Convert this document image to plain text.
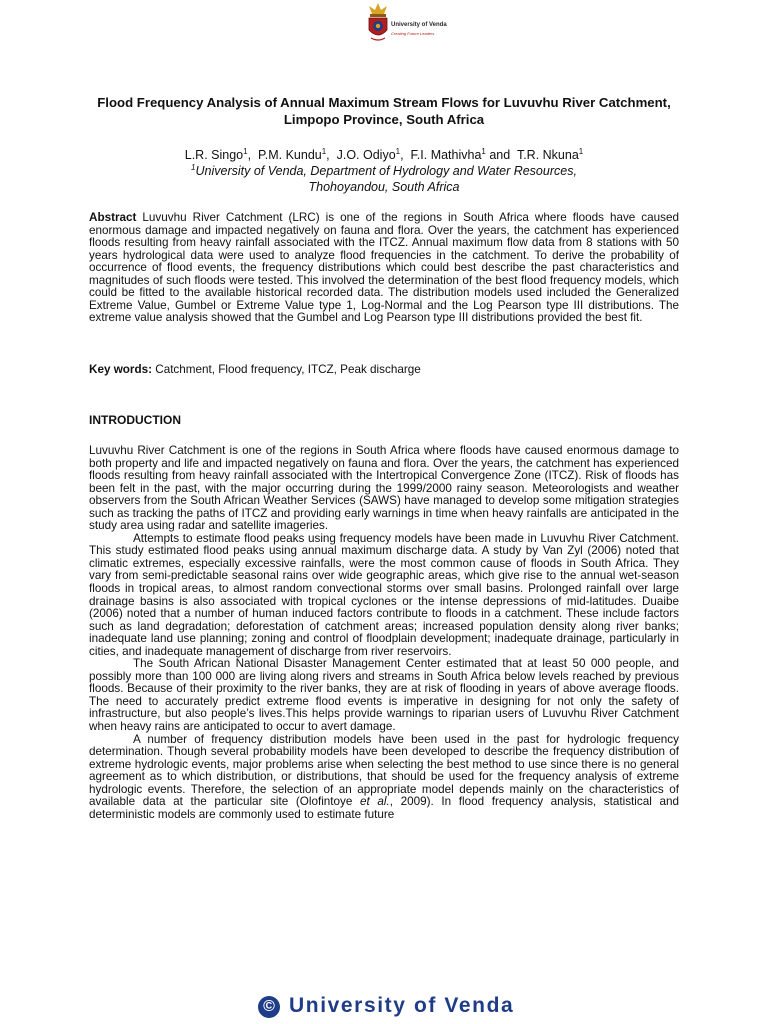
University of Venda
Creating Future Leaders
Flood Frequency Analysis of Annual Maximum Stream Flows for Luvuvhu River Catchment, Limpopo Province, South Africa
L.R. Singo$^1$,  P.M. Kundu$^1$,  J.O. Odiyo$^1$,  F.I. Mathivha$^1$ and  T.R. Nkuna$^1$
$^1$University of Venda, Department of Hydrology and Water Resources,
Thohoyandou, South Africa
Abstract Luvuvhu River Catchment (LRC) is one of the regions in South Africa where floods have caused enormous damage and impacted negatively on fauna and flora. Over the years, the catchment has experienced floods resulting from heavy rainfall associated with the ITCZ. Annual maximum flow data from 8 stations with 50 years hydrological data were used to analyze flood frequencies in the catchment. To derive the probability of occurrence of flood events, the frequency distributions which could best describe the past characteristics and magnitudes of such floods were tested. This involved the determination of the best flood frequency models, which could be fitted to the available historical recorded data. The distribution models used included the Generalized Extreme Value, Gumbel or Extreme Value type 1, Log-Normal and the Log Pearson type III distributions. The extreme value analysis showed that the Gumbel and Log Pearson type III distributions provided the best fit.
Key words: Catchment, Flood frequency, ITCZ, Peak discharge
INTRODUCTION

Luvuvhu River Catchment is one of the regions in South Africa where floods have caused enormous damage to both property and life and impacted negatively on fauna and flora. Over the years, the catchment has experienced floods resulting from heavy rainfall associated with the Intertropical Convergence Zone (ITCZ). Risk of floods has been felt in the past, with the major occurring during the 1999/2000 rainy season. Meteorologists and weather observers from the South African Weather Services (SAWS) have managed to develop some mitigation strategies such as tracking the paths of ITCZ and providing early warnings in time when heavy rainfalls are anticipated in the study area using radar and satellite imageries.

Attempts to estimate flood peaks using frequency models have been made in Luvuvhu River Catchment. This study estimated flood peaks using annual maximum discharge data. A study by Van Zyl (2006) noted that climatic extremes, especially excessive rainfalls, were the most common cause of floods in South Africa. They vary from semi-predictable seasonal rains over wide geographic areas, which give rise to the annual wet-season floods in tropical areas, to almost random convectional storms over small basins. Prolonged rainfall over large drainage basins is also associated with tropical cyclones or the intense depressions of mid-latitudes. Duaibe (2006) noted that a number of human induced factors contribute to floods in a catchment. These include factors such as land degradation; deforestation of catchment areas; increased population density along river banks; inadequate land use planning; zoning and control of floodplain development; inadequate drainage, particularly in cities, and inadequate management of discharge from river reservoirs.

The South African National Disaster Management Center estimated that at least 50 000 people, and possibly more than 100 000 are living along rivers and streams in South Africa below levels reached by previous floods. Because of their proximity to the river banks, they are at risk of flooding in years of above average floods. The need to accurately predict extreme flood events is imperative in designing for not only the safety of infrastructure, but also people’s lives.This helps provide warnings to riparian users of Luvuvhu River Catchment when heavy rains are anticipated to occur to avert damage.

A number of frequency distribution models have been used in the past for hydrologic frequency determination. Though several probability models have been developed to describe the frequency distribution of extreme hydrologic events, major problems arise when selecting the best method to use since there is no general agreement as to which distribution, or distributions, that should be used for the frequency analysis of extreme hydrologic events. Therefore, the selection of an appropriate model depends mainly on the characteristics of available data at the particular site (Olofintoye et al., 2009). In flood frequency analysis, statistical and deterministic models are commonly used to estimate future

© University of Venda
